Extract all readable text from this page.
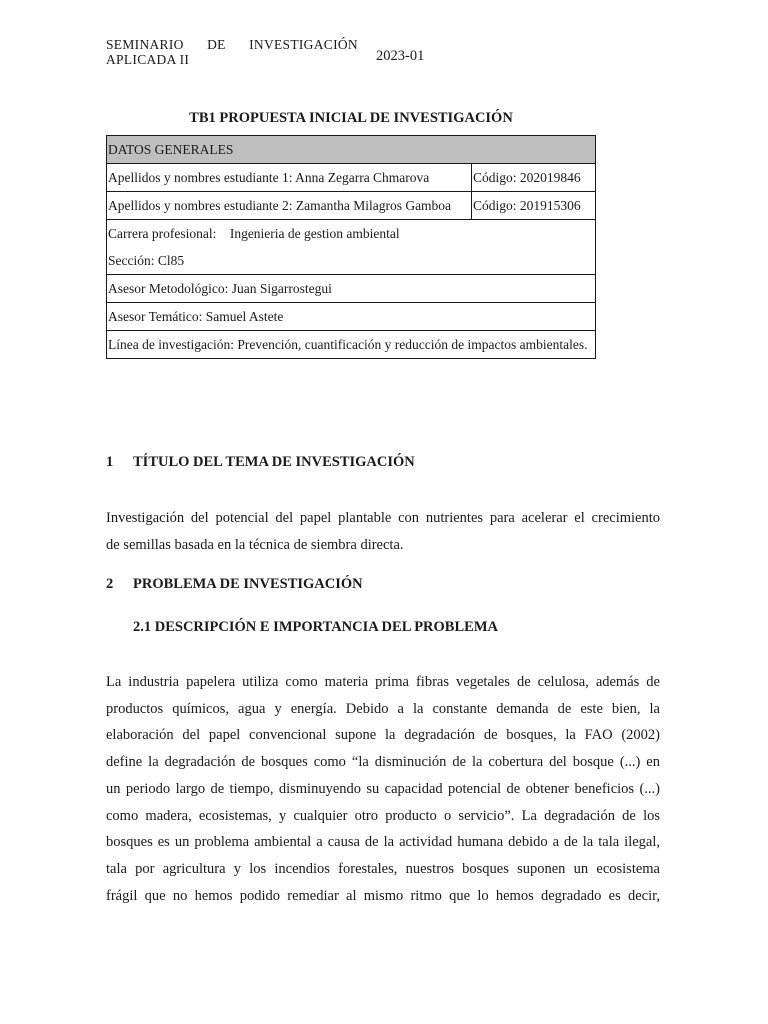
SEMINARIO DE INVESTIGACIÓN
APLICADA II	2023-01
TB1 PROPUESTA INICIAL DE INVESTIGACIÓN
DATOS GENERALES	
Apellidos y nombres estudiante 1: Anna Zegarra Chmarova	Código: 202019846
Apellidos y nombres estudiante 2: Zamantha Milagros Gamboa	Código: 201915306

Carrera profesional:    Ingenieria de gestion ambiental
Sección: Cl85	

Asesor Metodológico: Juan Sigarrostegui	
Asesor Temático: Samuel Astete	
Línea de investigación: Prevención, cuantificación y reducción de impactos ambientales.	
1 TÍTULO DEL TEMA DE INVESTIGACIÓN
Investigación del potencial del papel plantable con nutrientes para acelerar el crecimiento
de semillas basada en la técnica de siembra directa.
2 PROBLEMA DE INVESTIGACIÓN
2.1 DESCRIPCIÓN E IMPORTANCIA DEL PROBLEMA
La industria papelera utiliza como materia prima fibras vegetales de celulosa, además de
productos químicos, agua y energía. Debido a la constante demanda de este bien, la
elaboración del papel convencional supone la degradación de bosques, la FAO (2002)
define la degradación de bosques como “la disminución de la cobertura del bosque (...) en
un periodo largo de tiempo, disminuyendo su capacidad potencial de obtener beneficios (...)
como madera, ecosistemas, y cualquier otro producto o servicio”. La degradación de los
bosques es un problema ambiental a causa de la actividad humana debido a de la tala ilegal,
tala por agricultura y los incendios forestales, nuestros bosques suponen un ecosistema
frágil que no hemos podido remediar al mismo ritmo que lo hemos degradado es decir,
